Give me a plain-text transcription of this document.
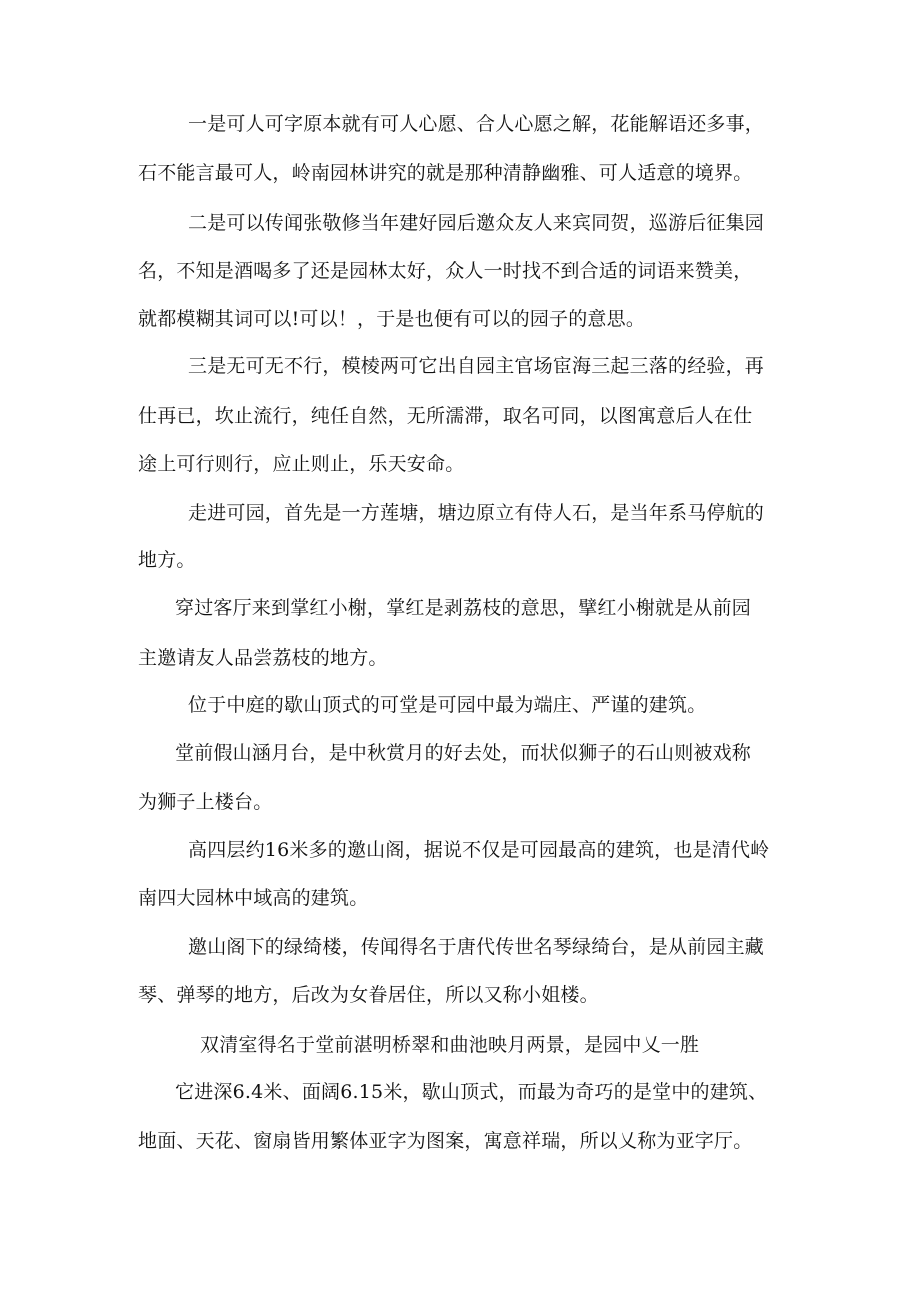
一是可人可字原本就有可人心愿、合人心愿之解，花能解语还多事，
石不能言最可人，岭南园林讲究的就是那种清静幽雅、可人适意的境界。
二是可以传闻张敬修当年建好园后邀众友人来宾同贺，巡游后征集园
名，不知是酒喝多了还是园林太好，众人一时找不到合适的词语来赞美，
就都模糊其词可以!可以！，于是也便有可以的园子的意思。
三是无可无不行，模棱两可它出自园主官场宦海三起三落的经验，再
仕再已，坎止流行，纯任自然，无所濡滞，取名可同，以图寓意后人在仕
途上可行则行，应止则止，乐天安命。
走进可园，首先是一方莲塘，塘边原立有侍人石，是当年系马停航的
地方。
穿过客厅来到掌红小榭，掌红是剥荔枝的意思，擘红小榭就是从前园
主邀请友人品尝荔枝的地方。
位于中庭的歇山顶式的可堂是可园中最为端庄、严谨的建筑。
堂前假山涵月台，是中秋赏月的好去处，而状似狮子的石山则被戏称
为狮子上楼台。
高四层约16米多的邀山阁，据说不仅是可园最高的建筑，也是清代岭
南四大园林中域高的建筑。
邀山阁下的绿绮楼，传闻得名于唐代传世名琴绿绮台，是从前园主藏
琴、弹琴的地方，后改为女眷居住，所以又称小姐楼。
双清室得名于堂前湛明桥翠和曲池映月两景，是园中乂一胜
它进深6.4米、面阔6.15米，歇山顶式，而最为奇巧的是堂中的建筑、
地面、天花、窗扇皆用繁体亚字为图案，寓意祥瑞，所以乂称为亚字厅。
